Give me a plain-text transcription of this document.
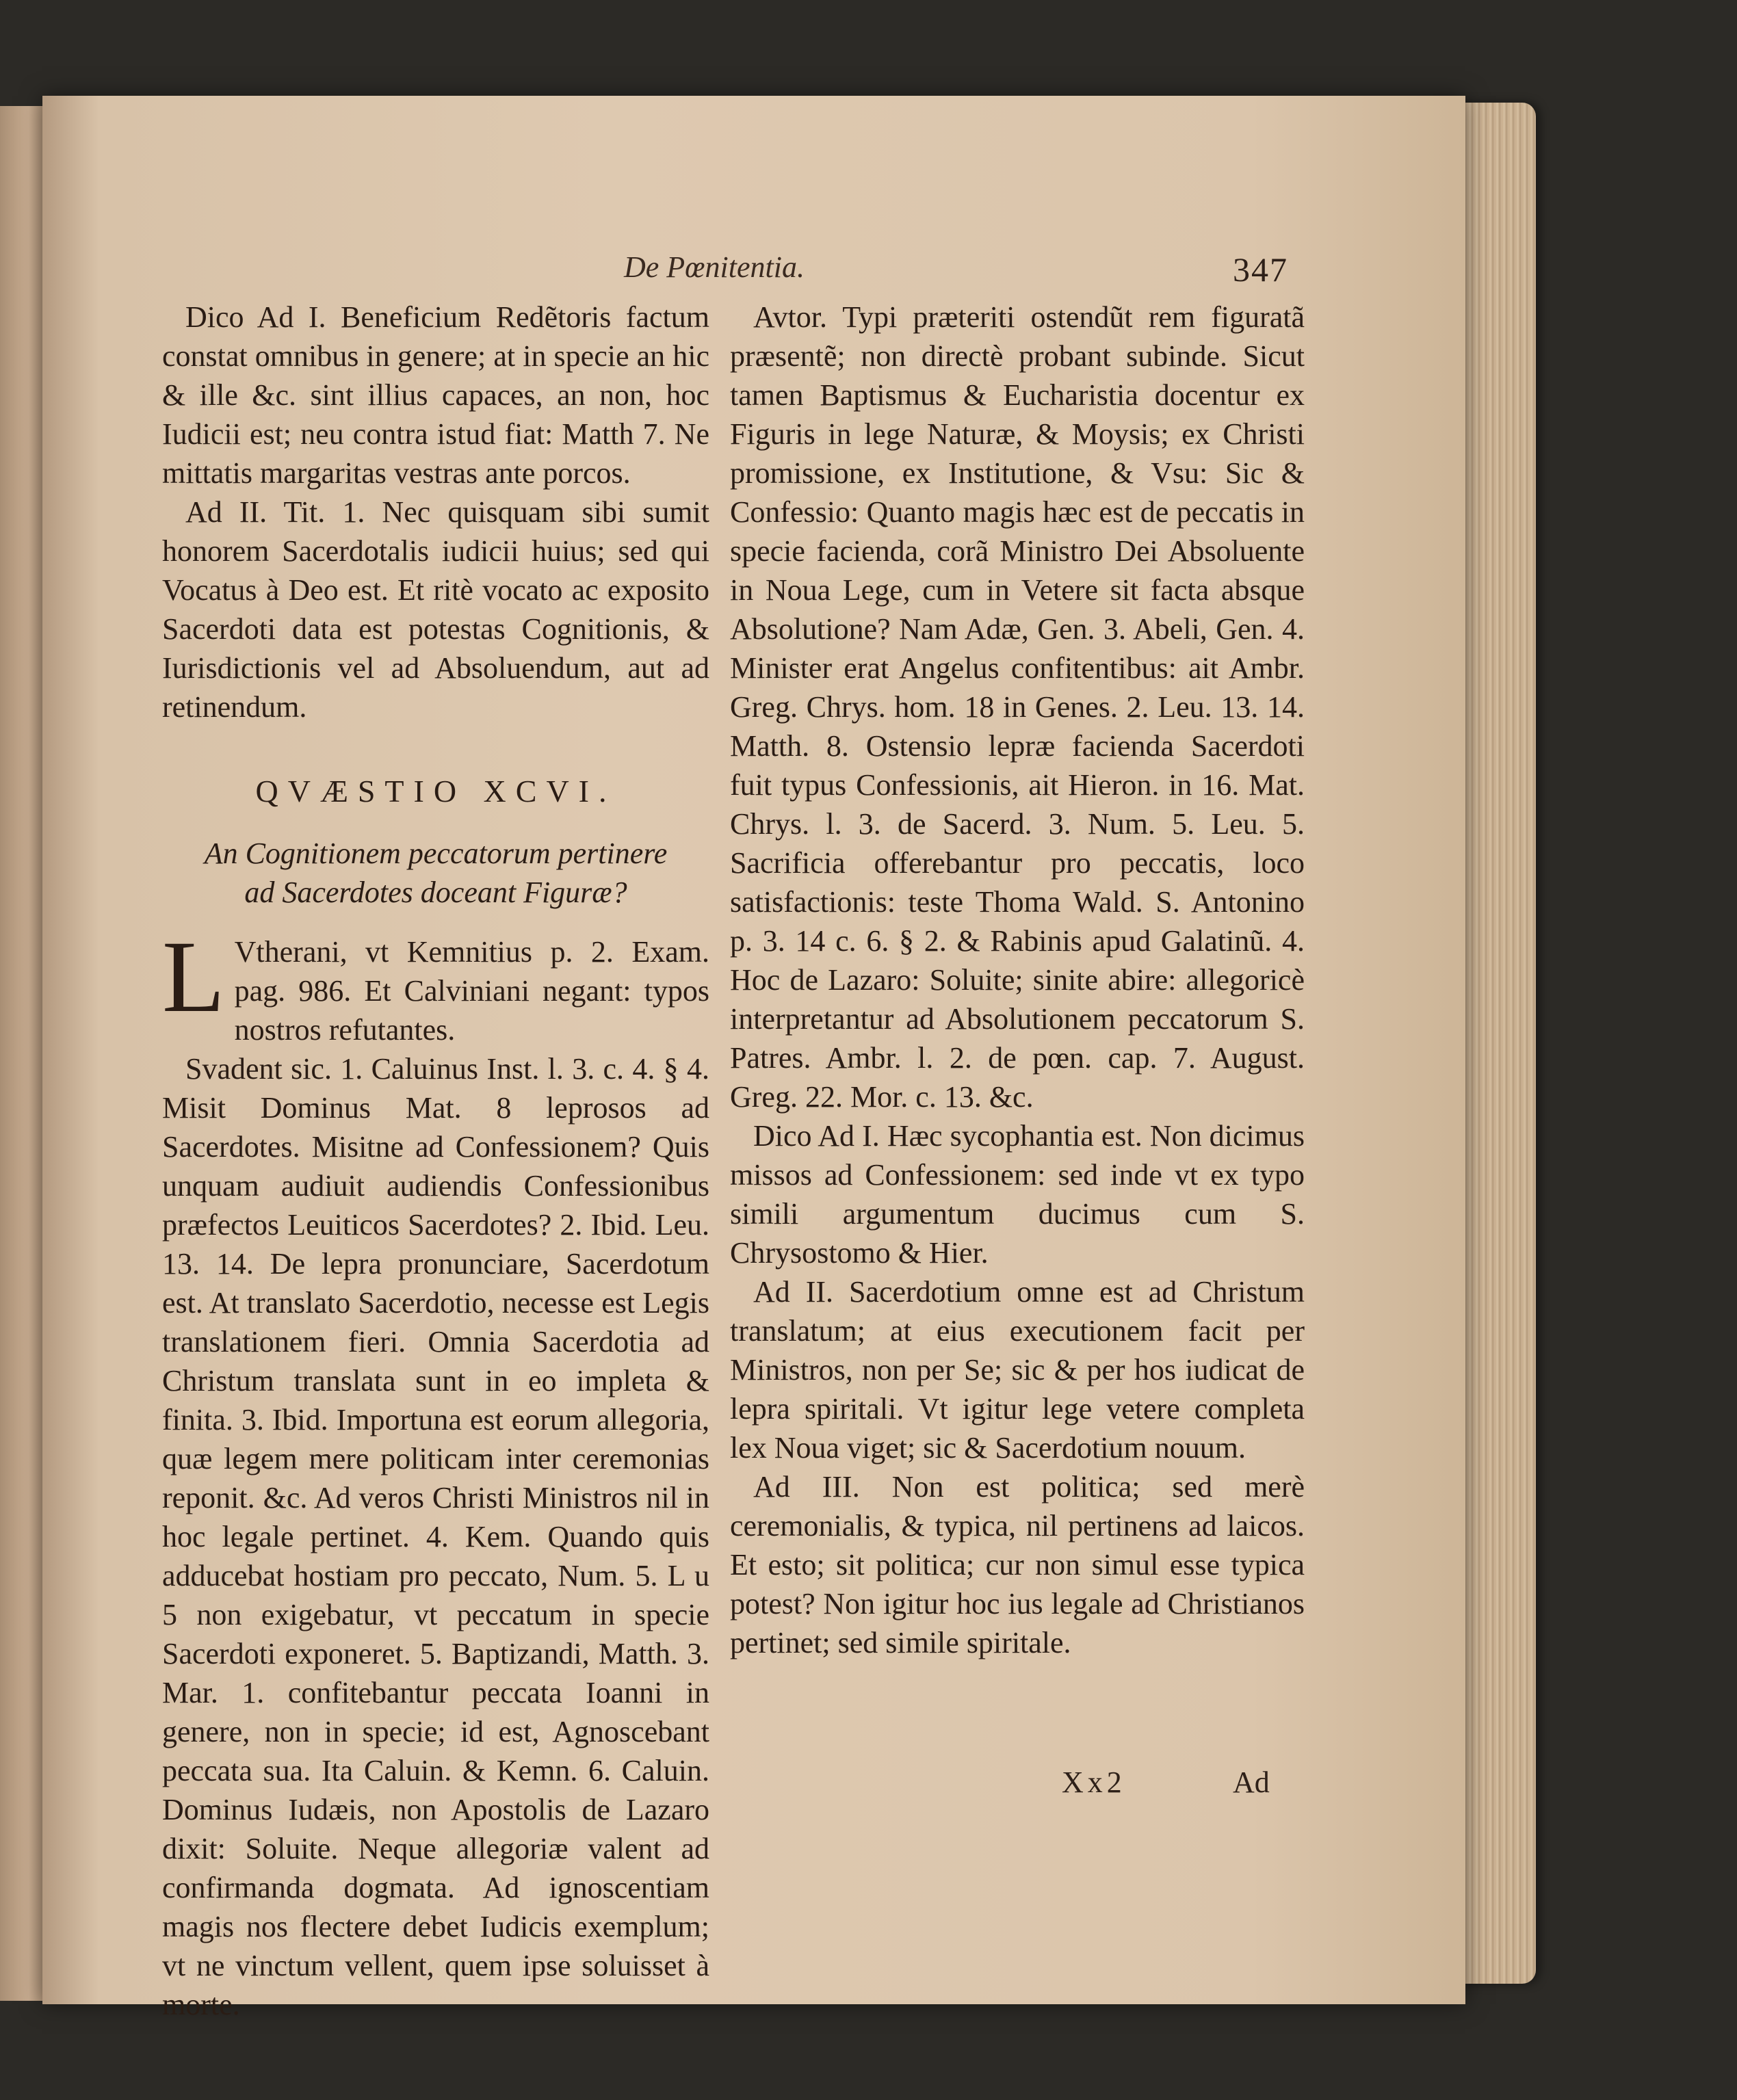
De Pœnitentia.	347

Dico Ad I. Beneficium Redẽtoris factum constat omnibus in genere; at in specie an hic & ille &c. sint illius capaces, an non, hoc Iudicii est; neu contra istud fiat: Matth 7. Ne mittatis margaritas vestras ante porcos.

Ad II. Tit. 1. Nec quisquam sibi sumit honorem Sacerdotalis iudicii huius; sed qui Vocatus à Deo est. Et ritè vocato ac exposito Sacerdoti data est potestas Cognitionis, & Iurisdictionis vel ad Absoluendum, aut ad retinendum.

QVÆSTIO XCVI.
An Cognitionem peccatorum pertinere ad Sacerdotes doceant Figuræ?

L Vtherani, vt Kemnitius p. 2. Exam. pag. 986. Et Calviniani negant: typos nostros refutantes.

Svadent sic. 1. Caluinus Inst. l. 3. c. 4. § 4. Misit Dominus Mat. 8 leprosos ad Sacerdotes. Misitne ad Confessionem? Quis unquam audiuit audiendis Confessionibus præfectos Leuiticos Sacerdotes? 2. Ibid. Leu. 13. 14. De lepra pronunciare, Sacerdotum est. At translato Sacerdotio, necesse est Legis translationem fieri. Omnia Sacerdotia ad Christum translata sunt in eo impleta & finita. 3. Ibid. Importuna est eorum allegoria, quæ legem mere politicam inter ceremonias reponit. &c. Ad veros Christi Ministros nil in hoc legale pertinet. 4. Kem. Quando quis adducebat hostiam pro peccato, Num. 5. L u 5 non exigebatur, vt peccatum in specie Sacerdoti exponeret. 5. Baptizandi, Matth. 3. Mar. 1. confitebantur peccata Ioanni in genere, non in specie; id est, Agnoscebant peccata sua. Ita Caluin. & Kemn. 6. Caluin. Dominus Iudæis, non Apostolis de Lazaro dixit: Soluite. Neque allegoriæ valent ad confirmanda dogmata. Ad ignoscentiam magis nos flectere debet Iudicis exemplum; vt ne vinctum vellent, quem ipse soluisset à morte.

Avtor. Typi præteriti ostendũt rem figuratã præsentẽ; non directè probant subinde. Sicut tamen Baptismus & Eucharistia docentur ex Figuris in lege Naturæ, & Moysis; ex Christi promissione, ex Institutione, & Vsu: Sic & Confessio: Quanto magis hæc est de peccatis in specie facienda, corã Ministro Dei Absoluente in Noua Lege, cum in Vetere sit facta absque Absolutione? Nam Adæ, Gen. 3. Abeli, Gen. 4. Minister erat Angelus confitentibus: ait Ambr. Greg. Chrys. hom. 18 in Genes. 2. Leu. 13. 14. Matth. 8. Ostensio lepræ facienda Sacerdoti fuit typus Confessionis, ait Hieron. in 16. Mat. Chrys. l. 3. de Sacerd. 3. Num. 5. Leu. 5. Sacrificia offerebantur pro peccatis, loco satisfactionis: teste Thoma Wald. S. Antonino p. 3. 14 c. 6. § 2. & Rabinis apud Galatinũ. 4. Hoc de Lazaro: Soluite; sinite abire: allegoricè interpretantur ad Absolutionem peccatorum S. Patres. Ambr. l. 2. de pœn. cap. 7. August. Greg. 22. Mor. c. 13. &c.

Dico Ad I. Hæc sycophantia est. Non dicimus missos ad Confessionem: sed inde vt ex typo simili argumentum ducimus cum S. Chrysostomo & Hier.

Ad II. Sacerdotium omne est ad Christum translatum; at eius executionem facit per Ministros, non per Se; sic & per hos iudicat de lepra spiritali. Vt igitur lege vetere completa lex Noua viget; sic & Sacerdotium nouum.

Ad III. Non est politica; sed merè ceremonialis, & typica, nil pertinens ad laicos. Et esto; sit politica; cur non simul esse typica potest? Non igitur hoc ius legale ad Christianos pertinet; sed simile spiritale.

Xx2	Ad
